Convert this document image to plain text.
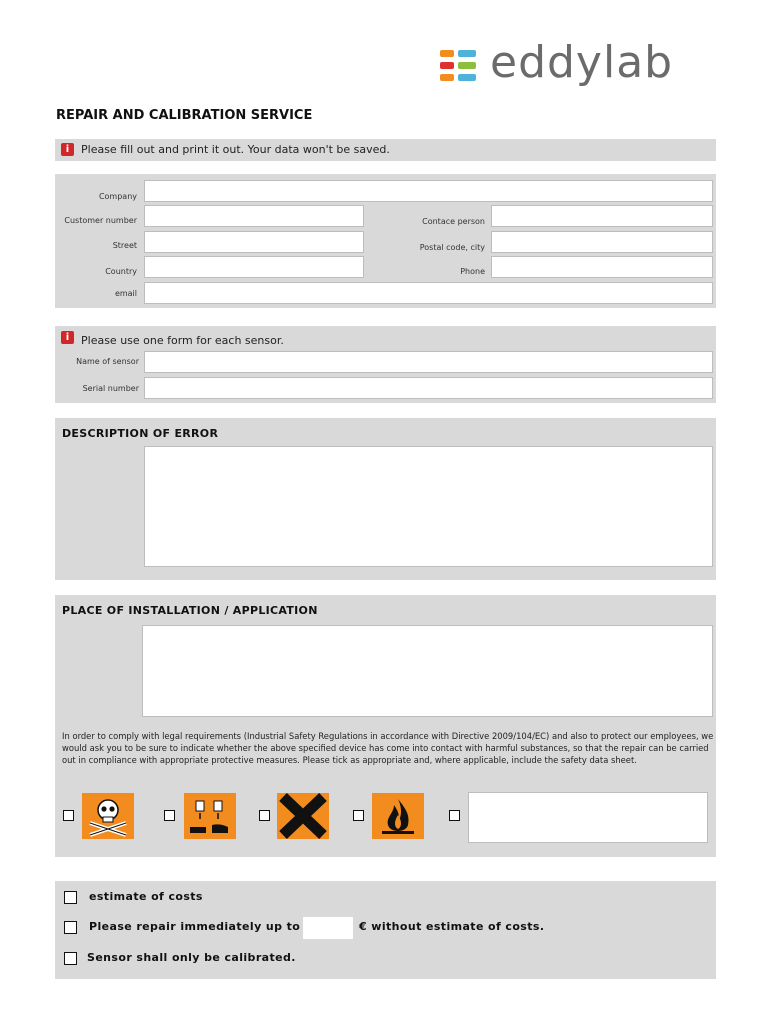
eddylab
REPAIR AND CALIBRATION SERVICE
i	Please fill out and print it out. Your data won't be saved.
Company
Customer number	Contace person
Street	Postal code, city
Country	Phone
email
i	Please use one form for each sensor.
Name of sensor
Serial number
DESCRIPTION OF ERROR
PLACE OF INSTALLATION / APPLICATION
In order to comply with legal requirements (Industrial Safety Regulations in accordance with Directive 2009/104/EC) and also to protect our employees, we would ask you to be sure to indicate whether the above specified device has come into contact with harmful substances, so that the repair can be carried out in compliance with appropriate protective measures. Please tick as appropriate and, where applicable, include the safety data sheet.
estimate of costs
Please repair immediately up to	€ without estimate of costs.
Sensor shall only be calibrated.
